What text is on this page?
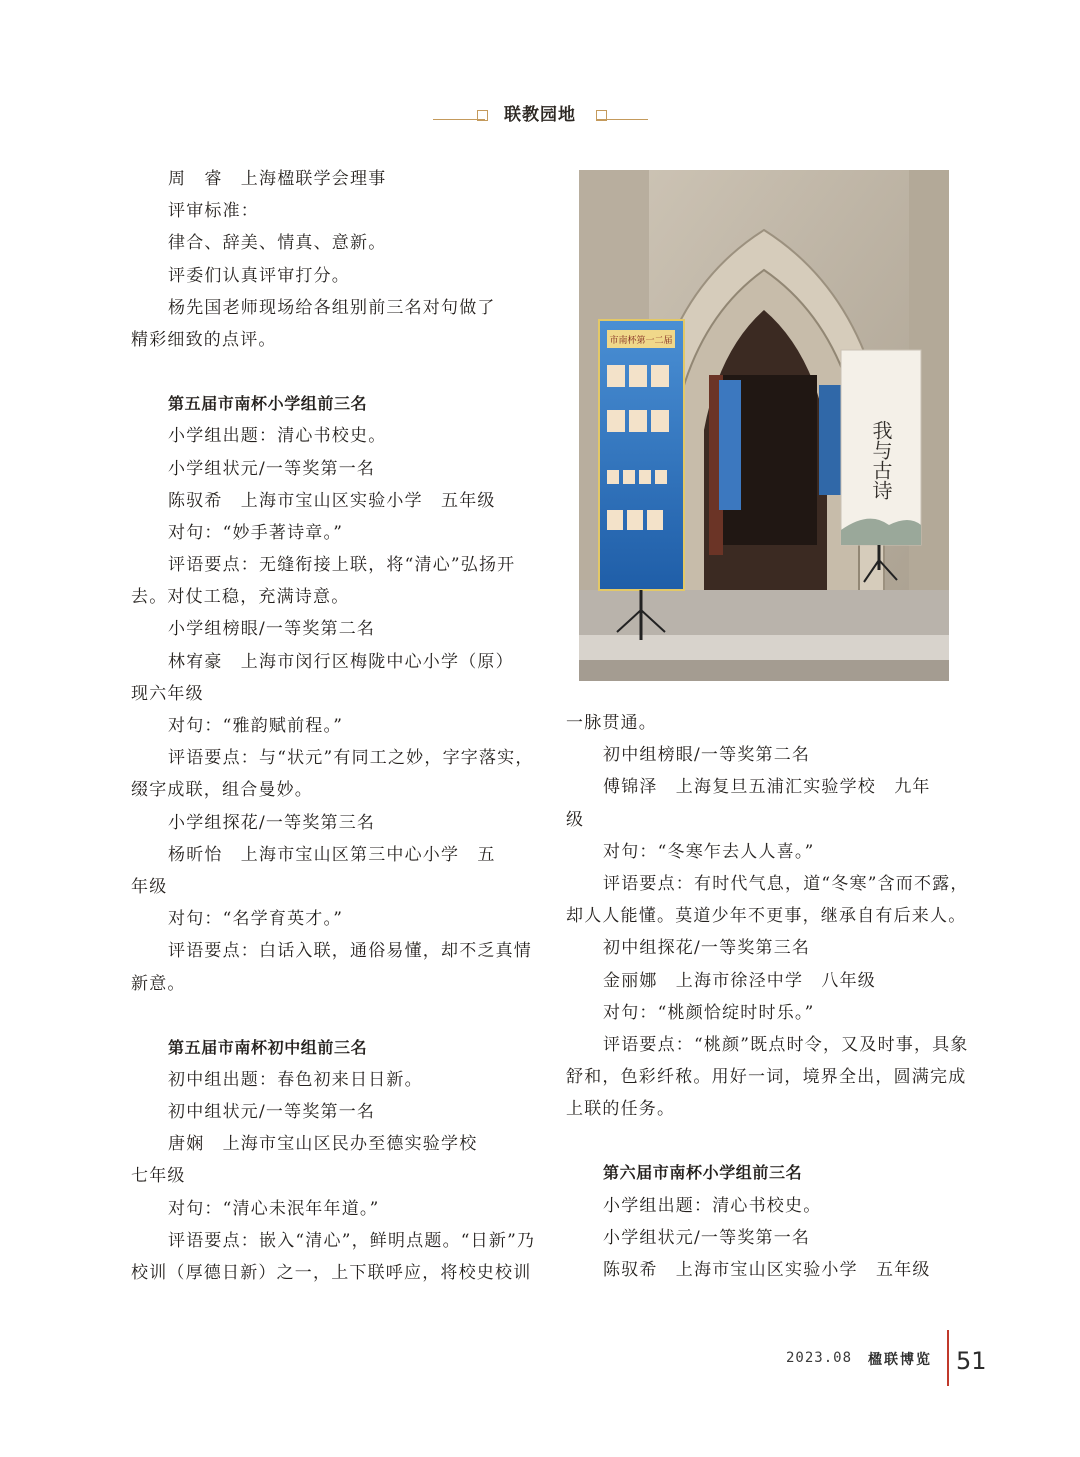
联教园地
周　睿　上海楹联学会理事
评审标准：
律合、辞美、情真、意新。
评委们认真评审打分。
杨先国老师现场给各组别前三名对句做了
精彩细致的点评。
第五届市南杯小学组前三名
小学组出题：清心书校史。
小学组状元/一等奖第一名
陈驭希　上海市宝山区实验小学　五年级
对句：“妙手著诗章。”
评语要点：无缝衔接上联，将“清心”弘扬开
去。对仗工稳，充满诗意。
小学组榜眼/一等奖第二名
林宥豪　上海市闵行区梅陇中心小学（原）
现六年级
对句：“雅韵赋前程。”
评语要点：与“状元”有同工之妙，字字落实，
缀字成联，组合曼妙。
小学组探花/一等奖第三名
杨昕怡　上海市宝山区第三中心小学　五
年级
对句：“名学育英才。”
评语要点：白话入联，通俗易懂，却不乏真情
新意。
第五届市南杯初中组前三名
初中组出题：春色初来日日新。
初中组状元/一等奖第一名
唐娴　上海市宝山区民办至德实验学校
七年级
对句：“清心未泯年年道。”
评语要点：嵌入“清心”，鲜明点题。“日新”乃
校训（厚德日新）之一，上下联呼应，将校史校训
一脉贯通。
初中组榜眼/一等奖第二名
傅锦泽　上海复旦五浦汇实验学校　九年
级
对句：“冬寒乍去人人喜。”
评语要点：有时代气息，道“冬寒”含而不露，
却人人能懂。莫道少年不更事，继承自有后来人。
初中组探花/一等奖第三名
金丽娜　上海市徐泾中学　八年级
对句：“桃颜恰绽时时乐。”
评语要点：“桃颜”既点时令，又及时事，具象
舒和，色彩纤秾。用好一词，境界全出，圆满完成
上联的任务。
第六届市南杯小学组前三名
小学组出题：清心书校史。
小学组状元/一等奖第一名
陈驭希　上海市宝山区实验小学　五年级
市南杯第一二届
我与古诗
2023.08 楹联博览 51
